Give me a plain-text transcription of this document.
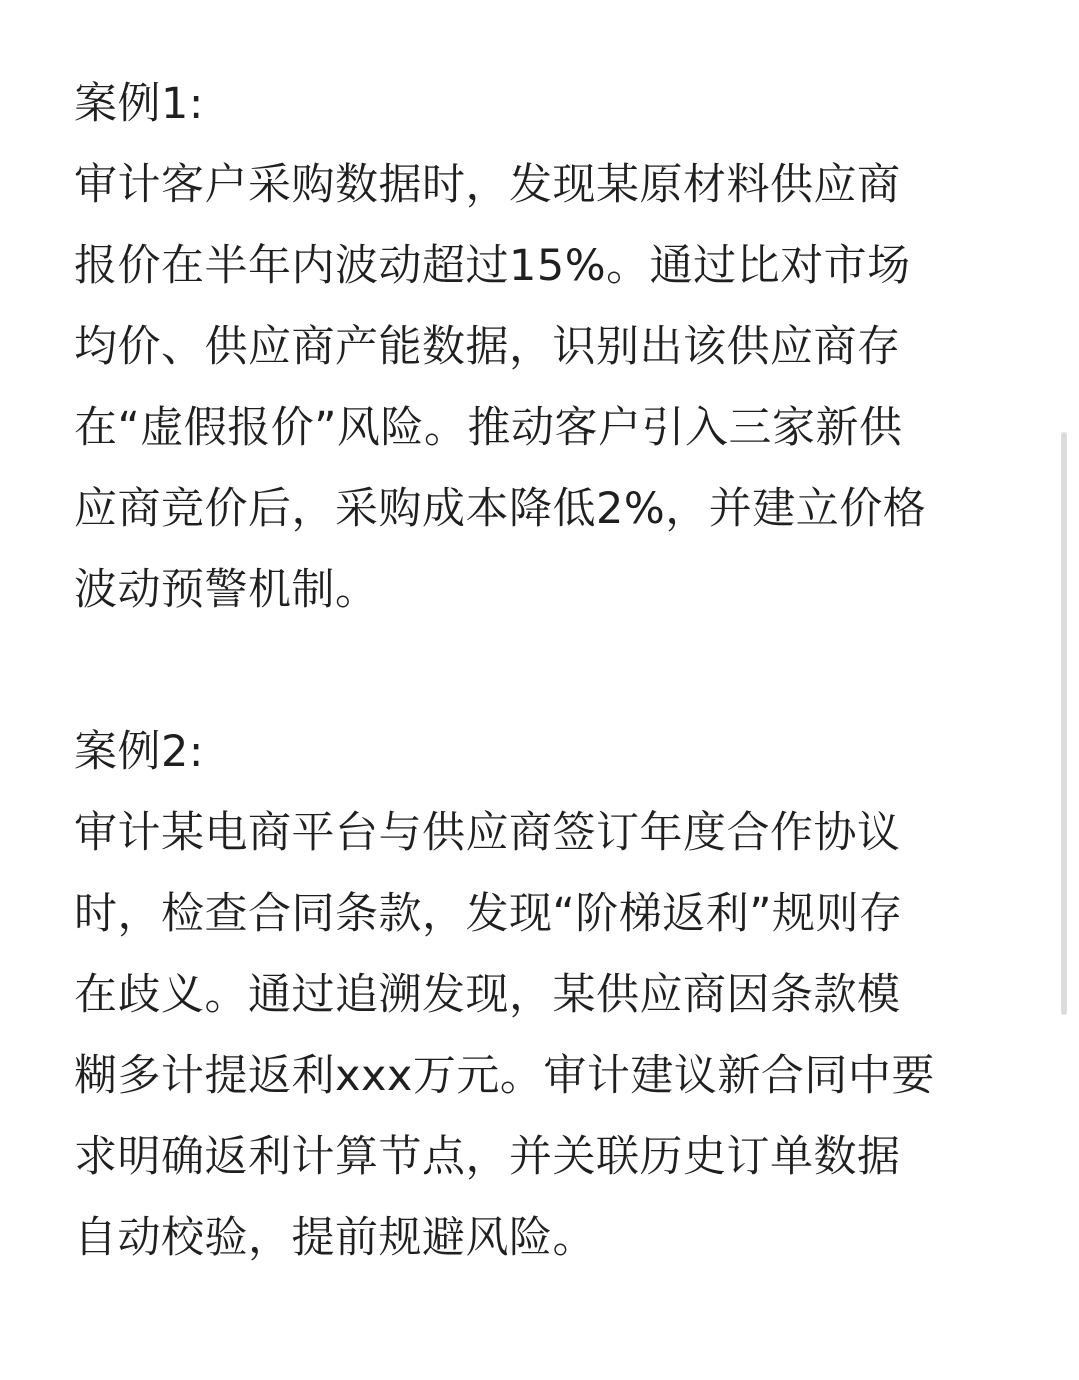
案例1:
审计客户采购数据时，发现某原材料供应商
报价在半年内波动超过15%。通过比对市场
均价、供应商产能数据，识别出该供应商存
在“虚假报价”风险。推动客户引入三家新供
应商竞价后，采购成本降低2%，并建立价格
波动预警机制。
案例2:
审计某电商平台与供应商签订年度合作协议
时，检查合同条款，发现“阶梯返利”规则存
在歧义。通过追溯发现，某供应商因条款模
糊多计提返利xxx万元。审计建议新合同中要
求明确返利计算节点，并关联历史订单数据
自动校验，提前规避风险。
